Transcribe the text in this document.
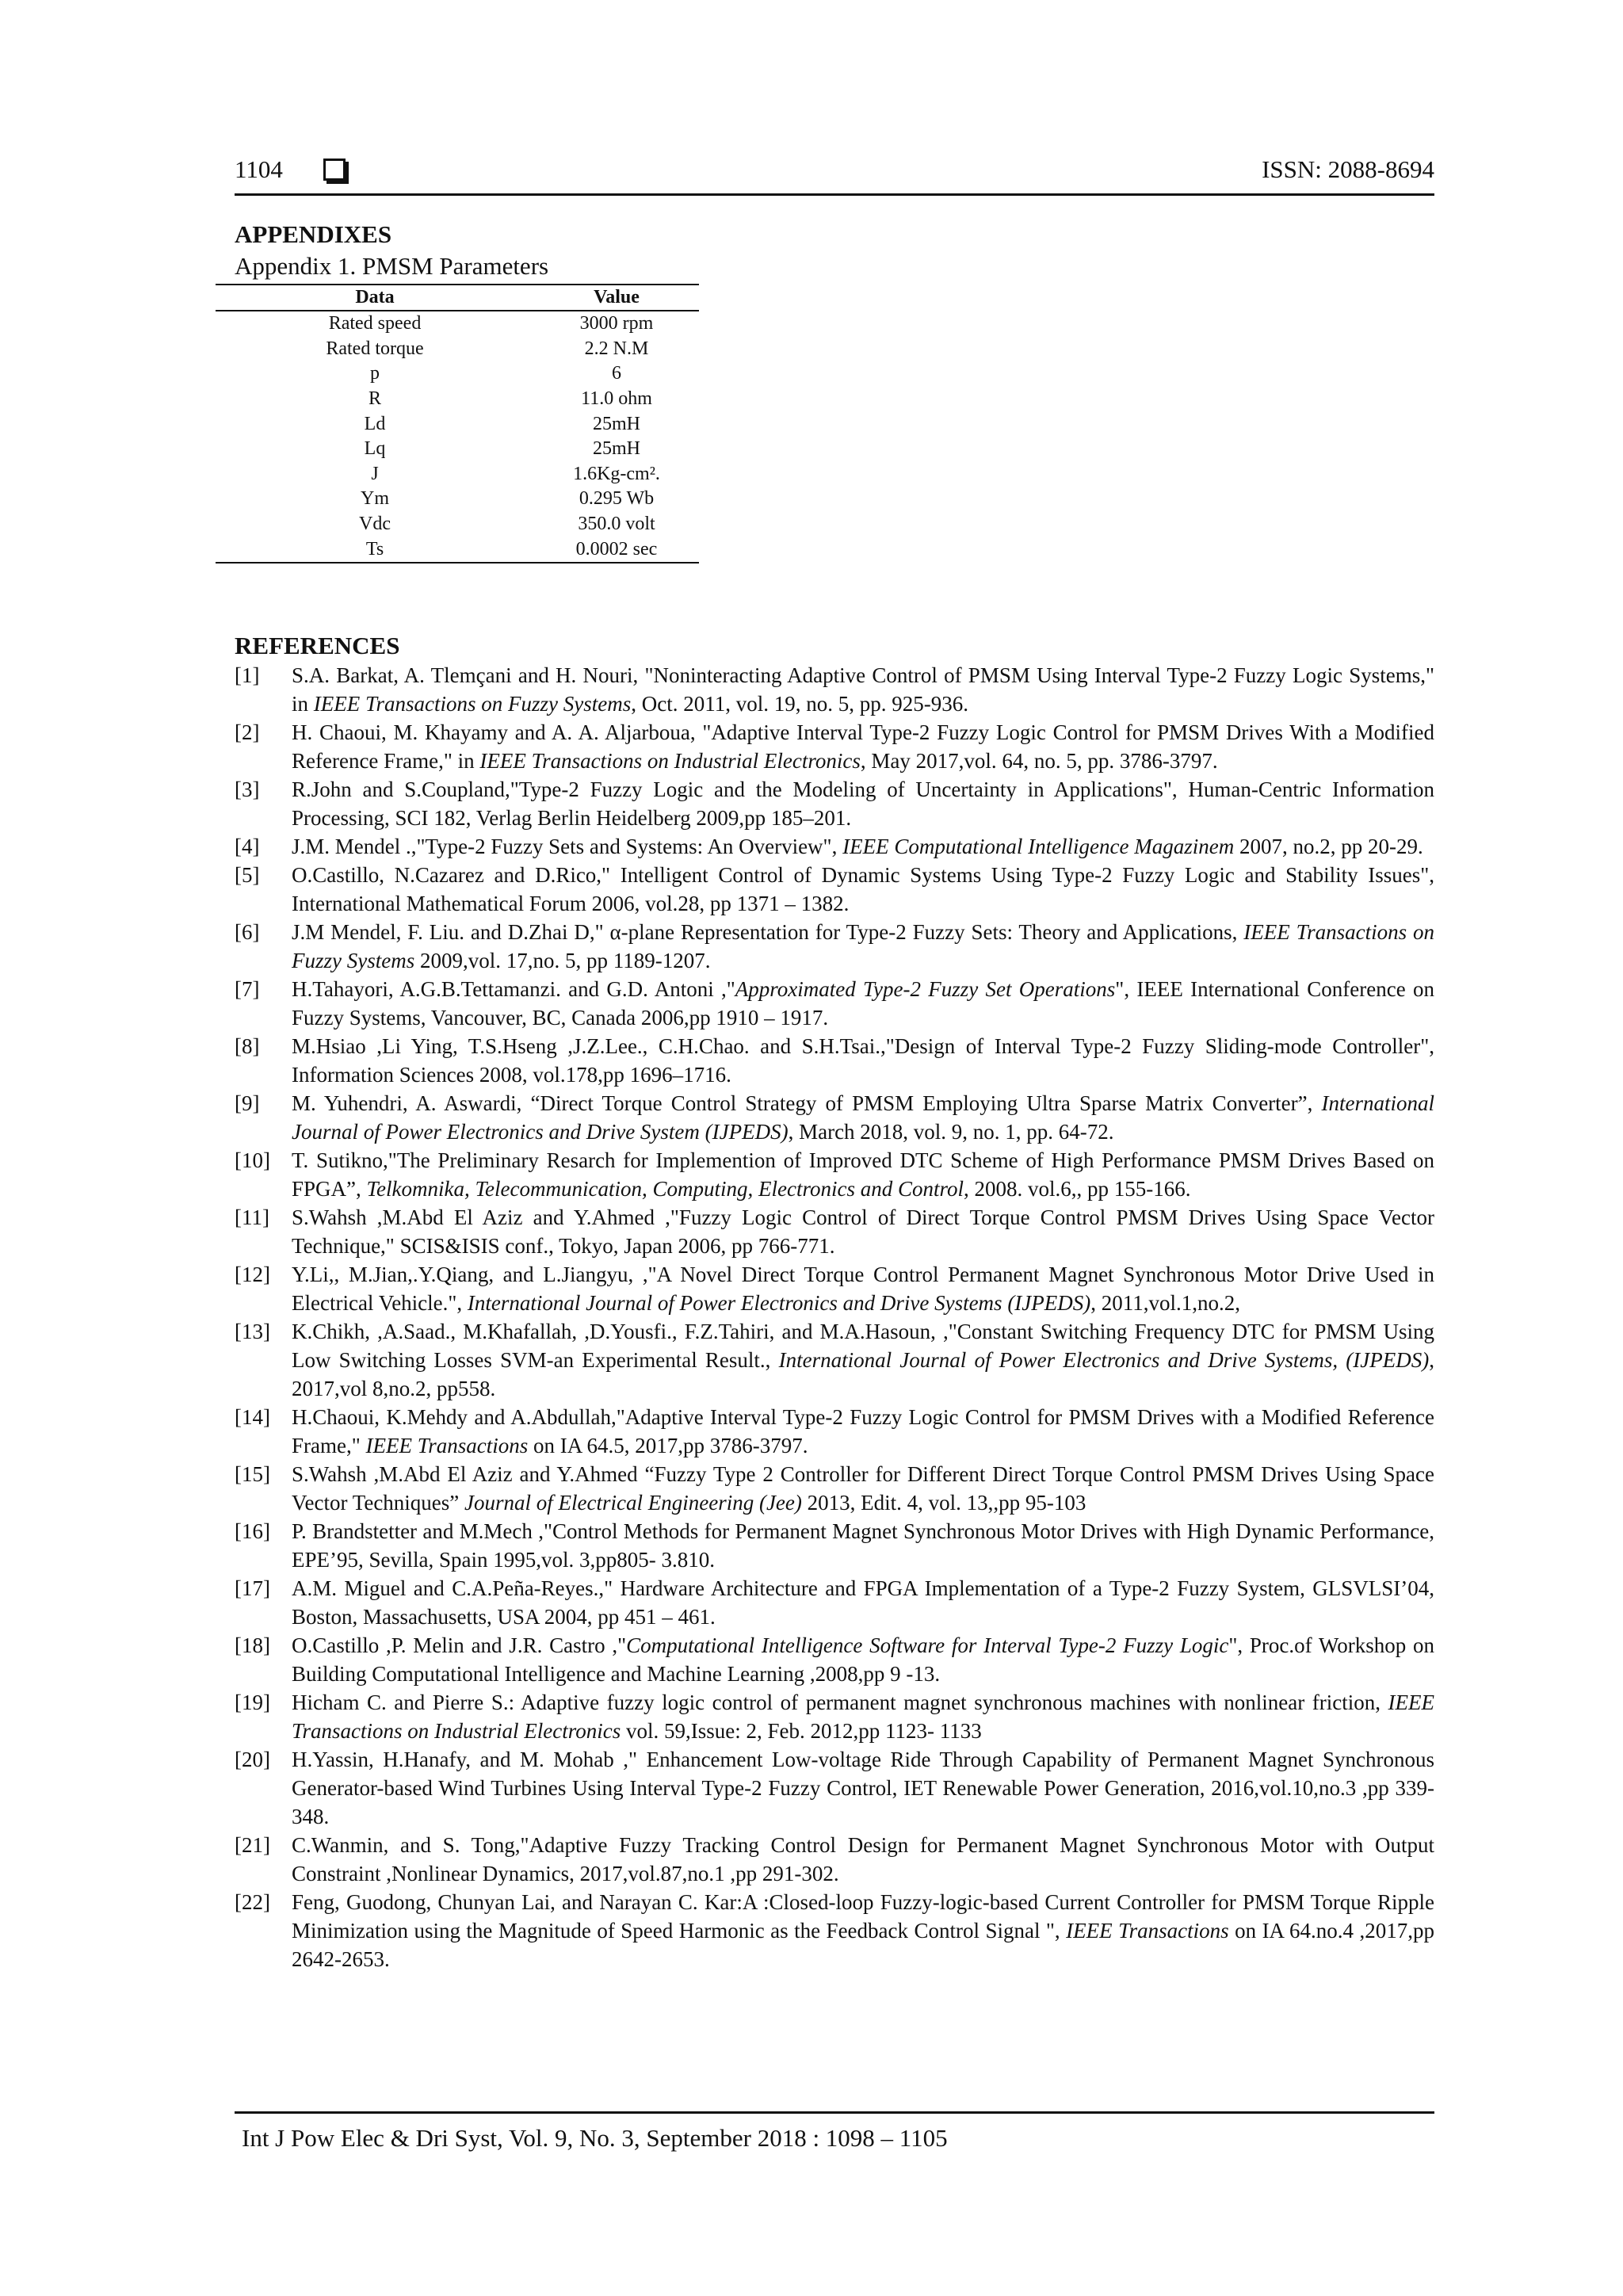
1104	ISSN: 2088-8694
APPENDIXES
Appendix 1. PMSM Parameters
Data	Value
Rated speed	3000 rpm
Rated torque	2.2 N.M
p	6
R	11.0 ohm
Ld	25mH
Lq	25mH
J	1.6Kg-cm².
Ym	0.295 Wb
Vdc	350.0 volt
Ts	0.0002 sec
REFERENCES
[1] S.A. Barkat, A. Tlemçani and H. Nouri, "Noninteracting Adaptive Control of PMSM Using Interval Type-2 Fuzzy Logic Systems," in IEEE Transactions on Fuzzy Systems, Oct. 2011, vol. 19, no. 5, pp. 925-936.
[2] H. Chaoui, M. Khayamy and A. A. Aljarboua, "Adaptive Interval Type-2 Fuzzy Logic Control for PMSM Drives With a Modified Reference Frame," in IEEE Transactions on Industrial Electronics, May 2017,vol. 64, no. 5, pp. 3786-3797.
[3] R.John and S.Coupland,"Type-2 Fuzzy Logic and the Modeling of Uncertainty in Applications", Human-Centric Information Processing, SCI 182, Verlag Berlin Heidelberg 2009,pp 185–201.
[4] J.M. Mendel .,"Type-2 Fuzzy Sets and Systems: An Overview", IEEE Computational Intelligence Magazinem 2007, no.2, pp 20-29.
[5] O.Castillo, N.Cazarez and D.Rico," Intelligent Control of Dynamic Systems Using Type-2 Fuzzy Logic and Stability Issues", International Mathematical Forum 2006, vol.28, pp 1371 – 1382.
[6] J.M Mendel, F. Liu. and D.Zhai D," α-plane Representation for Type-2 Fuzzy Sets: Theory and Applications, IEEE Transactions on Fuzzy Systems 2009,vol. 17,no. 5, pp 1189-1207.
[7] H.Tahayori, A.G.B.Tettamanzi. and G.D. Antoni ,"Approximated Type-2 Fuzzy Set Operations", IEEE International Conference on Fuzzy Systems, Vancouver, BC, Canada 2006,pp 1910 – 1917.
[8] M.Hsiao ,Li Ying, T.S.Hseng ,J.Z.Lee., C.H.Chao. and S.H.Tsai.,"Design of Interval Type-2 Fuzzy Sliding-mode Controller", Information Sciences 2008, vol.178,pp 1696–1716.
[9] M. Yuhendri, A. Aswardi, “Direct Torque Control Strategy of PMSM Employing Ultra Sparse Matrix Converter”, International Journal of Power Electronics and Drive System (IJPEDS), March 2018, vol. 9, no. 1, pp. 64-72.
[10] T. Sutikno,"The Preliminary Resarch for Implemention of Improved DTC Scheme of High Performance PMSM Drives Based on FPGA”, Telkomnika, Telecommunication, Computing, Electronics and Control, 2008. vol.6,, pp 155-166.
[11] S.Wahsh ,M.Abd El Aziz and Y.Ahmed ,"Fuzzy Logic Control of Direct Torque Control PMSM Drives Using Space Vector Technique," SCIS&ISIS conf., Tokyo, Japan 2006, pp 766-771.
[12] Y.Li,, M.Jian,.Y.Qiang, and L.Jiangyu, ,"A Novel Direct Torque Control Permanent Magnet Synchronous Motor Drive Used in Electrical Vehicle.", International Journal of Power Electronics and Drive Systems (IJPEDS), 2011,vol.1,no.2,
[13] K.Chikh, ,A.Saad., M.Khafallah, ,D.Yousfi., F.Z.Tahiri, and M.A.Hasoun, ,"Constant Switching Frequency DTC for PMSM Using Low Switching Losses SVM-an Experimental Result., International Journal of Power Electronics and Drive Systems, (IJPEDS), 2017,vol 8,no.2, pp558.
[14] H.Chaoui, K.Mehdy and A.Abdullah,"Adaptive Interval Type-2 Fuzzy Logic Control for PMSM Drives with a Modified Reference Frame," IEEE Transactions on IA 64.5, 2017,pp 3786-3797.
[15] S.Wahsh ,M.Abd El Aziz and Y.Ahmed “Fuzzy Type 2 Controller for Different Direct Torque Control PMSM Drives Using Space Vector Techniques” Journal of Electrical Engineering (Jee) 2013, Edit. 4, vol. 13,,pp 95-103
[16] P. Brandstetter and M.Mech ,"Control Methods for Permanent Magnet Synchronous Motor Drives with High Dynamic Performance, EPE’95, Sevilla, Spain 1995,vol. 3,pp805- 3.810.
[17] A.M. Miguel and C.A.Peña-Reyes.," Hardware Architecture and FPGA Implementation of a Type-2 Fuzzy System, GLSVLSI’04, Boston, Massachusetts, USA 2004, pp 451 – 461.
[18] O.Castillo ,P. Melin and J.R. Castro ,"Computational Intelligence Software for Interval Type-2 Fuzzy Logic", Proc.of Workshop on Building Computational Intelligence and Machine Learning ,2008,pp 9 -13.
[19] Hicham C. and Pierre S.: Adaptive fuzzy logic control of permanent magnet synchronous machines with nonlinear friction, IEEE Transactions on Industrial Electronics vol. 59,Issue: 2, Feb. 2012,pp 1123- 1133
[20] H.Yassin, H.Hanafy, and M. Mohab ," Enhancement Low-voltage Ride Through Capability of Permanent Magnet Synchronous Generator-based Wind Turbines Using Interval Type-2 Fuzzy Control, IET Renewable Power Generation, 2016,vol.10,no.3 ,pp 339-348.
[21] C.Wanmin, and S. Tong,"Adaptive Fuzzy Tracking Control Design for Permanent Magnet Synchronous Motor with Output Constraint ,Nonlinear Dynamics, 2017,vol.87,no.1 ,pp 291-302.
[22] Feng, Guodong, Chunyan Lai, and Narayan C. Kar:A :Closed-loop Fuzzy-logic-based Current Controller for PMSM Torque Ripple Minimization using the Magnitude of Speed Harmonic as the Feedback Control Signal ", IEEE Transactions on IA 64.no.4 ,2017,pp 2642-2653.
Int J Pow Elec & Dri Syst, Vol. 9, No. 3, September 2018 : 1098 – 1105
